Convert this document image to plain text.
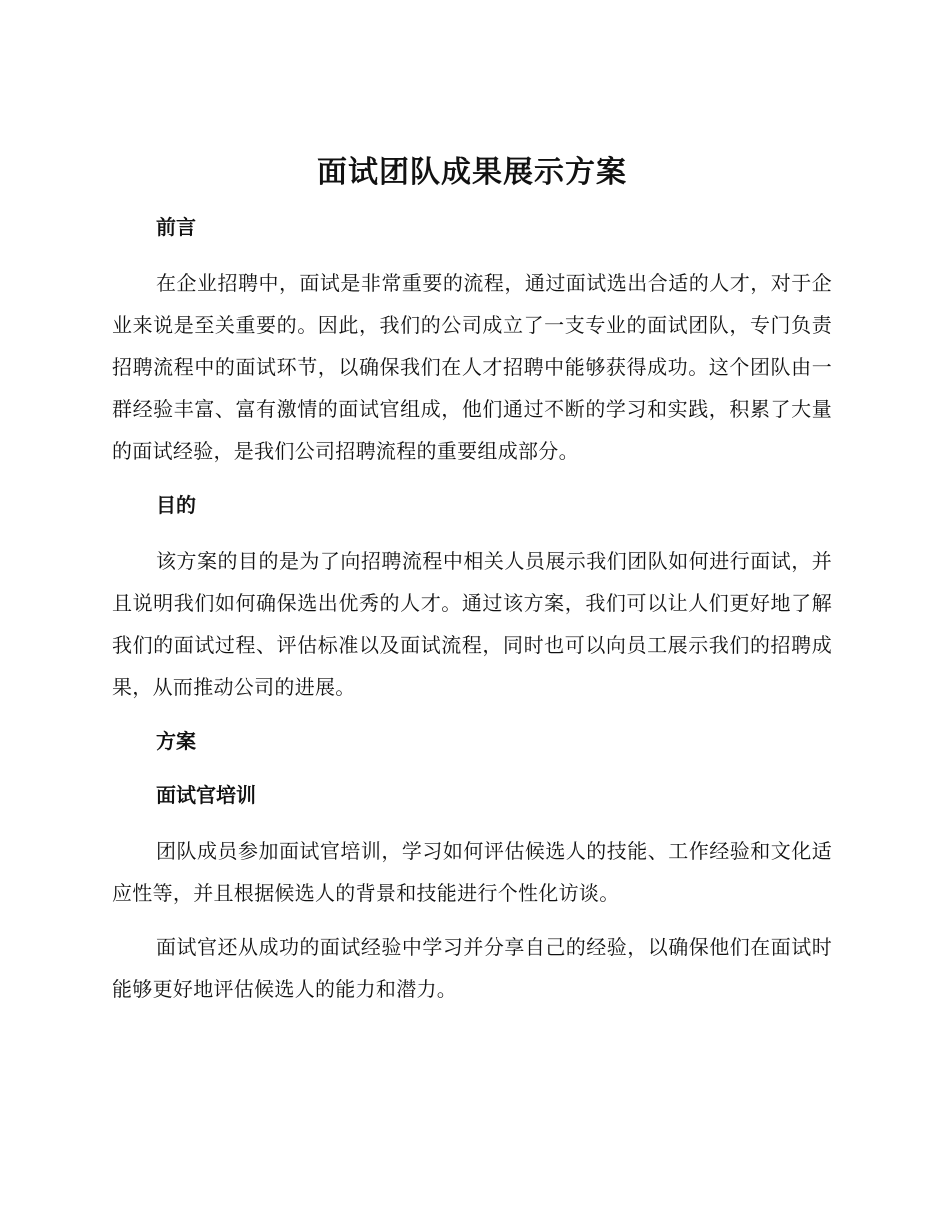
面试团队成果展示方案
前言

在企业招聘中，面试是非常重要的流程，通过面试选出合适的人才，对于企业来说是至关重要的。因此，我们的公司成立了一支专业的面试团队，专门负责招聘流程中的面试环节，以确保我们在人才招聘中能够获得成功。这个团队由一群经验丰富、富有激情的面试官组成，他们通过不断的学习和实践，积累了大量的面试经验，是我们公司招聘流程的重要组成部分。

目的

该方案的目的是为了向招聘流程中相关人员展示我们团队如何进行面试，并且说明我们如何确保选出优秀的人才。通过该方案，我们可以让人们更好地了解我们的面试过程、评估标准以及面试流程，同时也可以向员工展示我们的招聘成果，从而推动公司的进展。

方案
面试官培训

团队成员参加面试官培训，学习如何评估候选人的技能、工作经验和文化适应性等，并且根据候选人的背景和技能进行个性化访谈。

面试官还从成功的面试经验中学习并分享自己的经验，以确保他们在面试时能够更好地评估候选人的能力和潜力。
